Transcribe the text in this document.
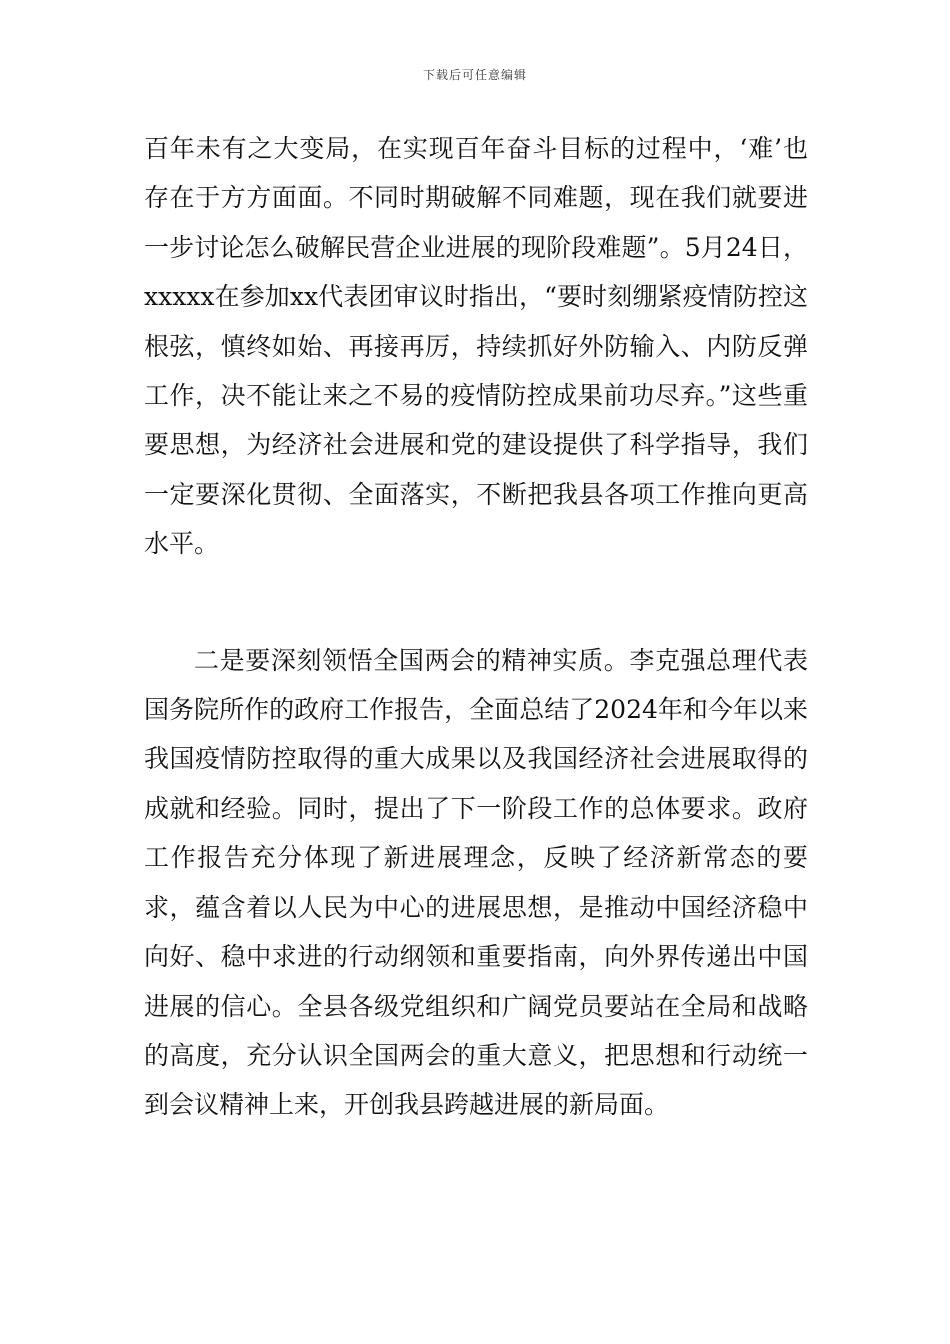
下载后可任意编辑

百年未有之大变局，在实现百年奋斗目标的过程中，‘难’也存在于方方面面。不同时期破解不同难题，现在我们就要进一步讨论怎么破解民营企业进展的现阶段难题”。5月24日，xxxxx在参加xx代表团审议时指出，“要时刻绷紧疫情防控这根弦，慎终如始、再接再厉，持续抓好外防输入、内防反弹工作，决不能让来之不易的疫情防控成果前功尽弃。”这些重要思想，为经济社会进展和党的建设提供了科学指导，我们一定要深化贯彻、全面落实，不断把我县各项工作推向更高水平。

二是要深刻领悟全国两会的精神实质。李克强总理代表国务院所作的政府工作报告，全面总结了2024年和今年以来我国疫情防控取得的重大成果以及我国经济社会进展取得的成就和经验。同时，提出了下一阶段工作的总体要求。政府工作报告充分体现了新进展理念，反映了经济新常态的要求，蕴含着以人民为中心的进展思想，是推动中国经济稳中向好、稳中求进的行动纲领和重要指南，向外界传递出中国进展的信心。全县各级党组织和广阔党员要站在全局和战略的高度，充分认识全国两会的重大意义，把思想和行动统一到会议精神上来，开创我县跨越进展的新局面。
